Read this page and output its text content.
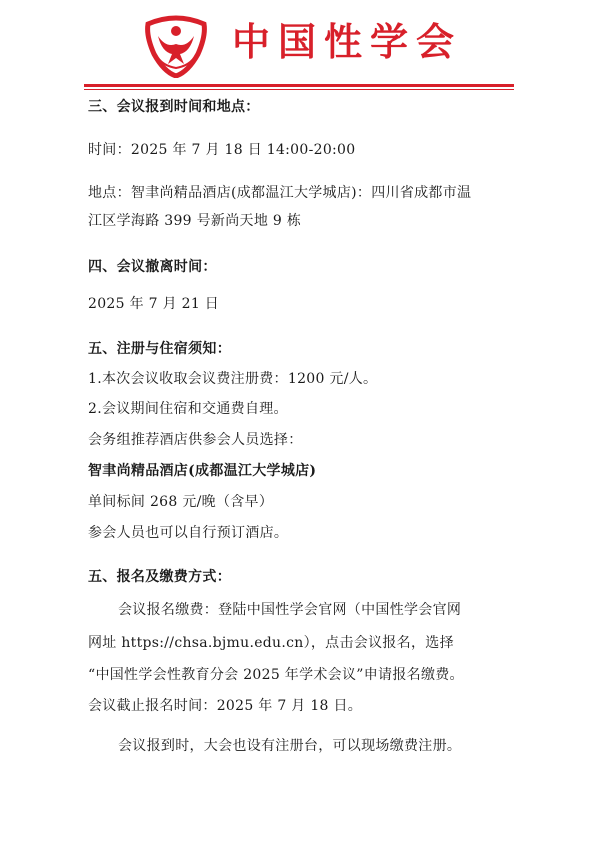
中国性学会
三、会议报到时间和地点：
时间：2025 年 7 月 18 日 14:00-20:00
地点：智聿尚精品酒店(成都温江大学城店)：四川省成都市温
江区学海路 399 号新尚天地 9 栋
四、会议撤离时间：
2025 年 7 月 21 日
五、注册与住宿须知：
1.本次会议收取会议费注册费：1200 元/人。
2.会议期间住宿和交通费自理。
会务组推荐酒店供参会人员选择：
智聿尚精品酒店(成都温江大学城店)
单间标间 268 元/晚（含早）
参会人员也可以自行预订酒店。
五、报名及缴费方式：
会议报名缴费：登陆中国性学会官网（中国性学会官网
网址 https://chsa.bjmu.edu.cn），点击会议报名，选择
“中国性学会性教育分会 2025 年学术会议”申请报名缴费。
会议截止报名时间：2025 年 7 月 18 日。
会议报到时，大会也设有注册台，可以现场缴费注册。
